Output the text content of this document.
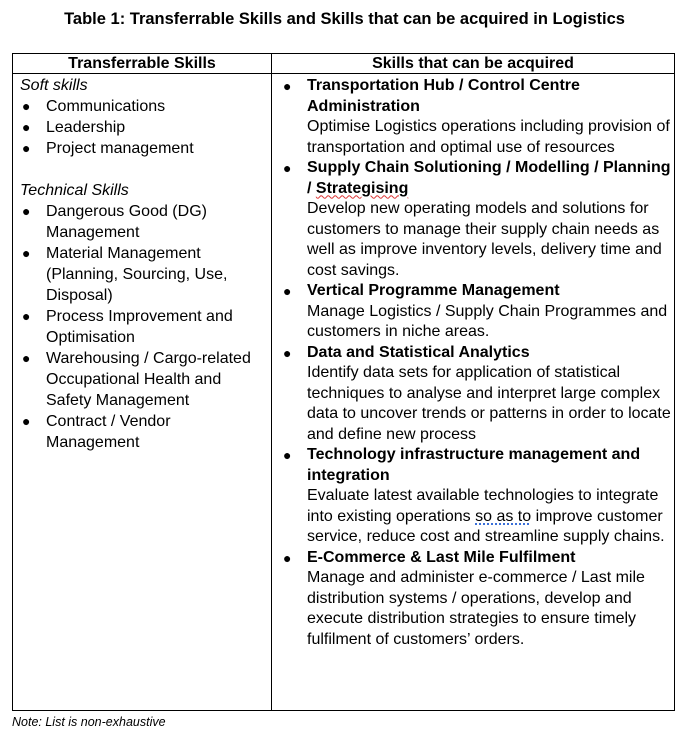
Table 1: Transferrable Skills and Skills that can be acquired in Logistics
Transferrable Skills	Skills that can be acquired
Soft skills
● Communications
● Leadership
● Project management
Technical Skills
● Dangerous Good (DG) Management
● Material Management (Planning, Sourcing, Use, Disposal)
● Process Improvement and Optimisation
● Warehousing / Cargo-related Occupational Health and Safety Management
● Contract / Vendor Management
● Transportation Hub / Control Centre Administration
Optimise Logistics operations including provision of transportation and optimal use of resources
● Supply Chain Solutioning / Modelling / Planning / Strategising
Develop new operating models and solutions for customers to manage their supply chain needs as well as improve inventory levels, delivery time and cost savings.
● Vertical Programme Management
Manage Logistics / Supply Chain Programmes and customers in niche areas.
● Data and Statistical Analytics
Identify data sets for application of statistical techniques to analyse and interpret large complex data to uncover trends or patterns in order to locate and define new process
● Technology infrastructure management and integration
Evaluate latest available technologies to integrate into existing operations so as to improve customer service, reduce cost and streamline supply chains.
● E-Commerce & Last Mile Fulfilment
Manage and administer e-commerce / Last mile distribution systems / operations, develop and execute distribution strategies to ensure timely fulfilment of customers’ orders.
Note: List is non-exhaustive
